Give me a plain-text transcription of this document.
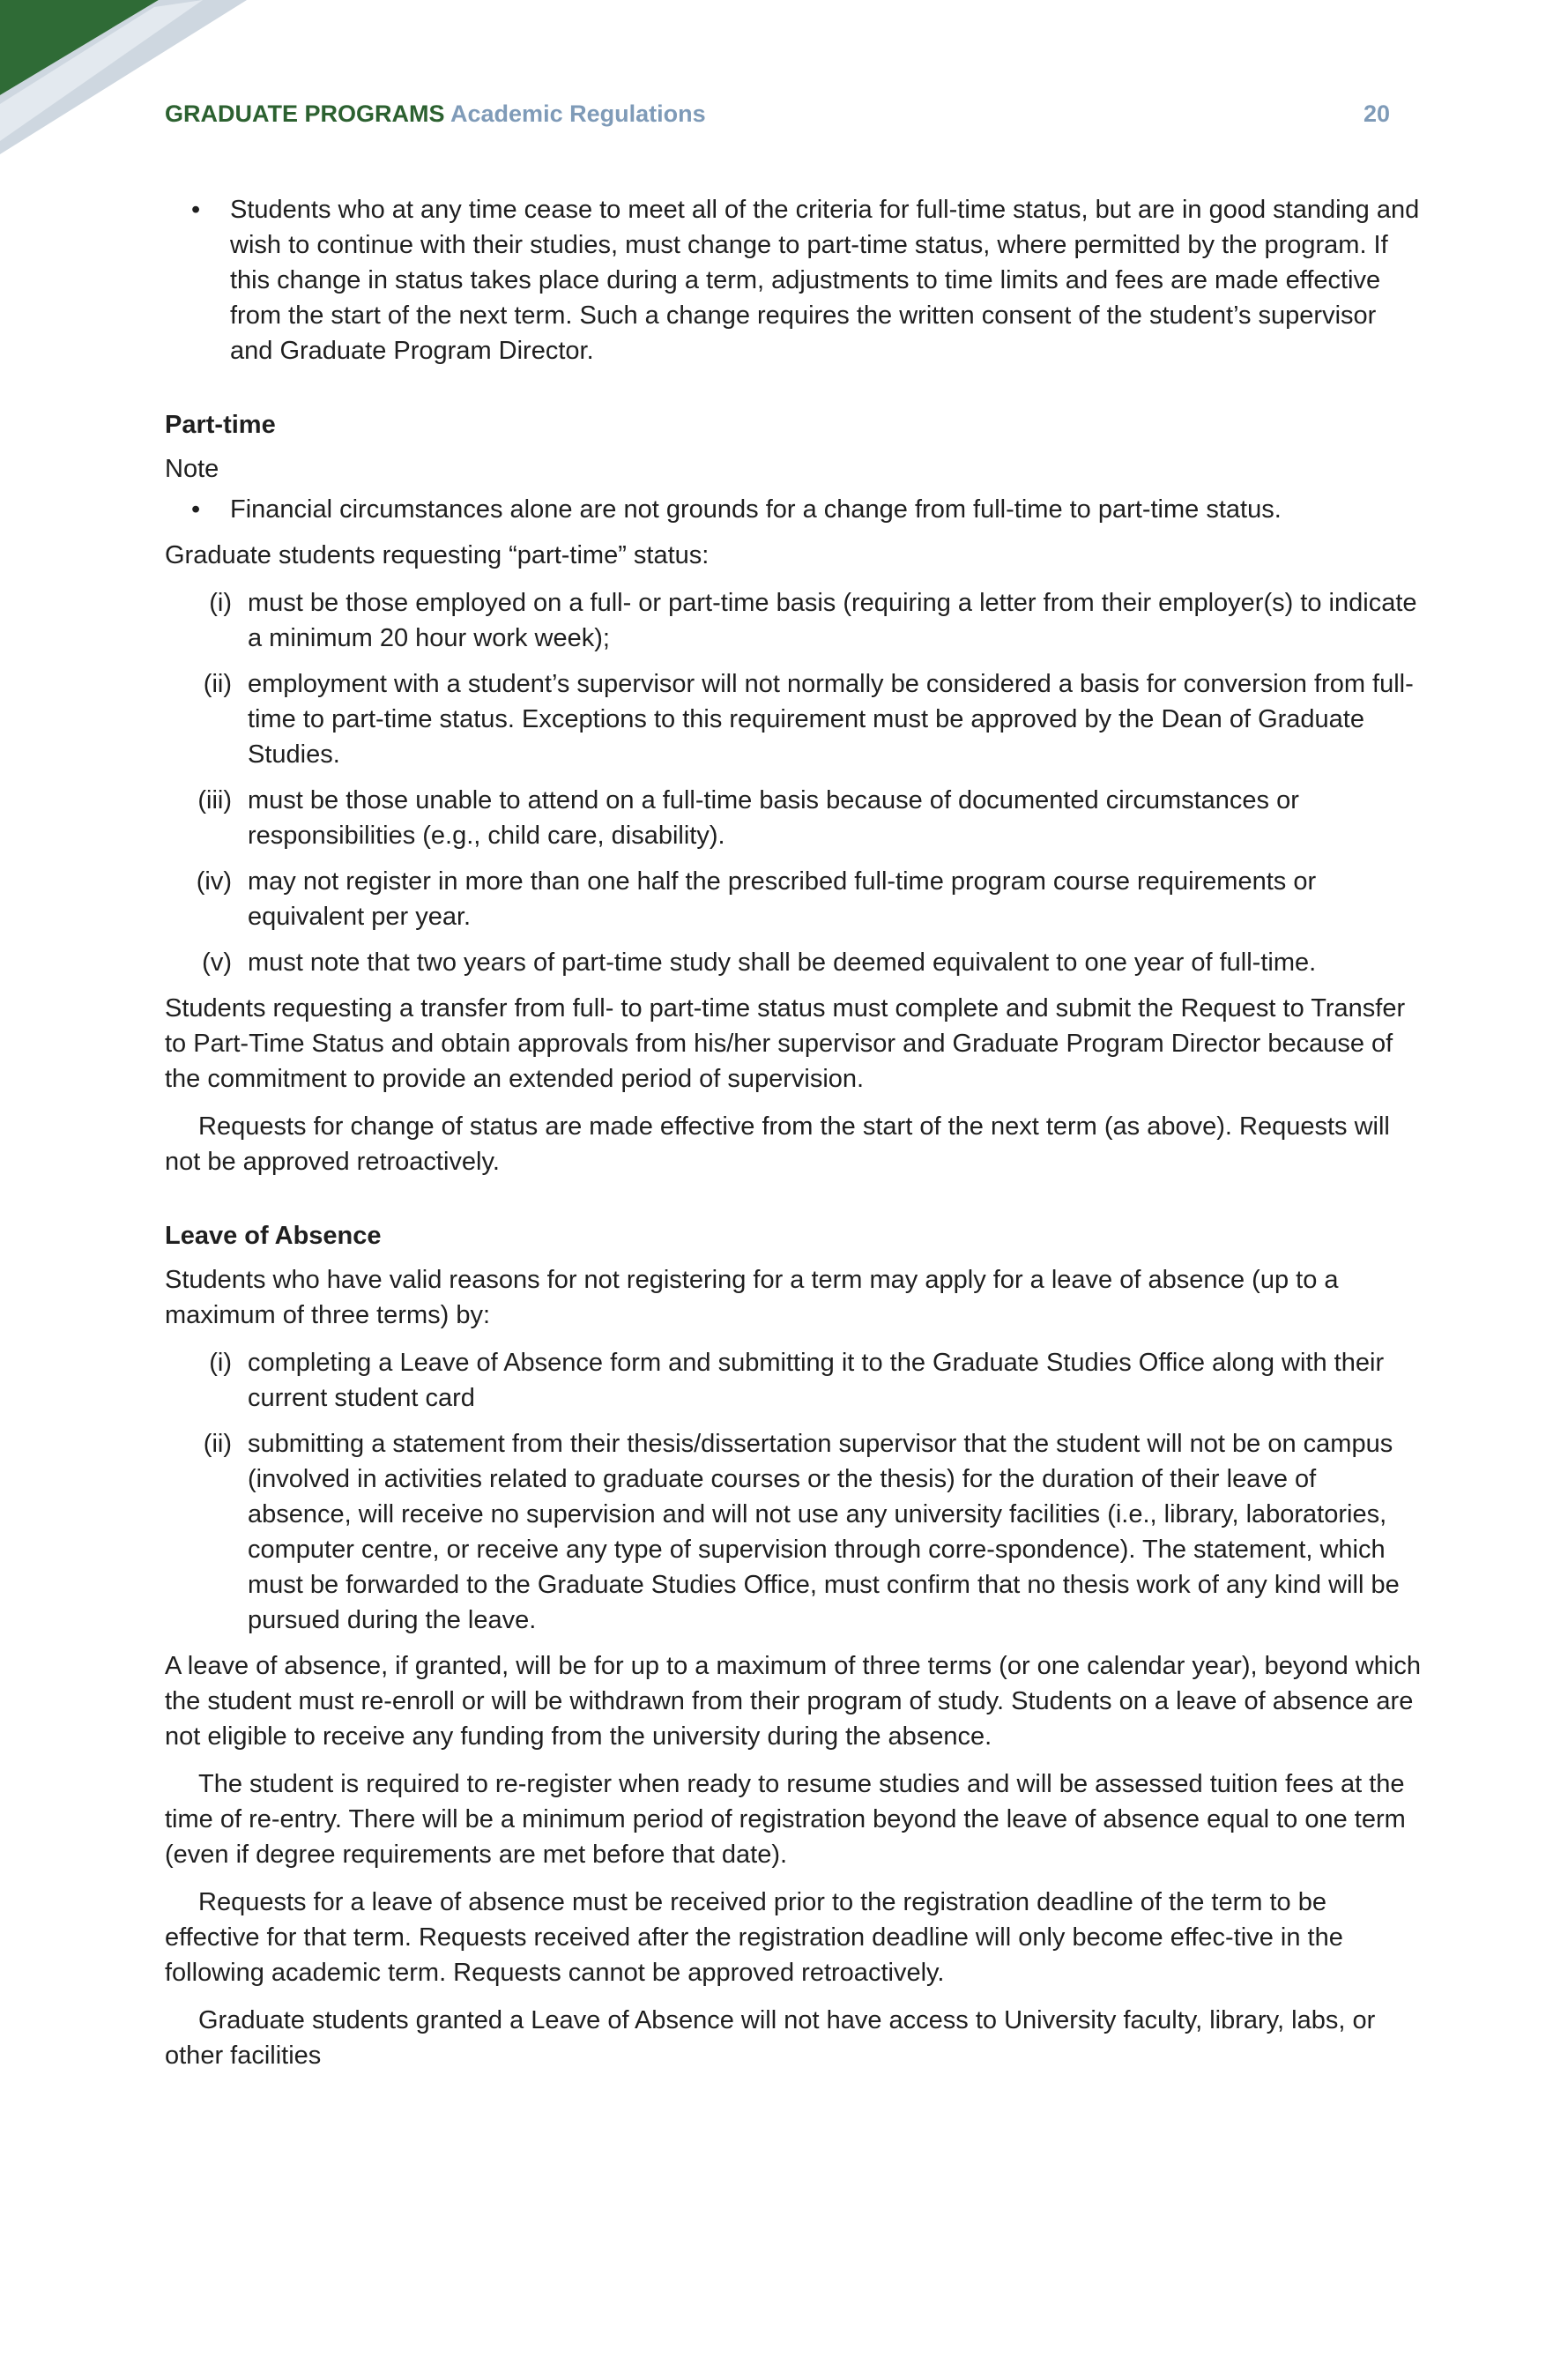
GRADUATE PROGRAMS Academic Regulations	20
• Students who at any time cease to meet all of the criteria for full-time status, but are in good standing and wish to continue with their studies, must change to part-time status, where permitted by the program. If this change in status takes place during a term, adjustments to time limits and fees are made effective from the start of the next term. Such a change requires the written consent of the student’s supervisor and Graduate Program Director.
Part-time
Note
• Financial circumstances alone are not grounds for a change from full-time to part-time status.
Graduate students requesting “part-time” status:
(i) must be those employed on a full- or part-time basis (requiring a letter from their employer(s) to indicate a minimum 20 hour work week);
(ii) employment with a student’s supervisor will not normally be considered a basis for conversion from full-time to part-time status. Exceptions to this requirement must be approved by the Dean of Graduate Studies.
(iii) must be those unable to attend on a full-time basis because of documented circumstances or responsibilities (e.g., child care, disability).
(iv) may not register in more than one half the prescribed full-time program course requirements or equivalent per year.
(v) must note that two years of part-time study shall be deemed equivalent to one year of full-time.
Students requesting a transfer from full- to part-time status must complete and submit the Request to Transfer to Part-Time Status and obtain approvals from his/her supervisor and Graduate Program Director because of the commitment to provide an extended period of supervision.
Requests for change of status are made effective from the start of the next term (as above). Requests will not be approved retroactively.
Leave of Absence
Students who have valid reasons for not registering for a term may apply for a leave of absence (up to a maximum of three terms) by:
(i) completing a Leave of Absence form and submitting it to the Graduate Studies Office along with their current student card
(ii) submitting a statement from their thesis/dissertation supervisor that the student will not be on campus (involved in activities related to graduate courses or the thesis) for the duration of their leave of absence, will receive no supervision and will not use any university facilities (i.e., library, laboratories, computer centre, or receive any type of supervision through corre-spondence). The statement, which must be forwarded to the Graduate Studies Office, must confirm that no thesis work of any kind will be pursued during the leave.
A leave of absence, if granted, will be for up to a maximum of three terms (or one calendar year), beyond which the student must re-enroll or will be withdrawn from their program of study. Students on a leave of absence are not eligible to receive any funding from the university during the absence.
The student is required to re-register when ready to resume studies and will be assessed tuition fees at the time of re-entry. There will be a minimum period of registration beyond the leave of absence equal to one term (even if degree requirements are met before that date).
Requests for a leave of absence must be received prior to the registration deadline of the term to be effective for that term. Requests received after the registration deadline will only become effec-tive in the following academic term. Requests cannot be approved retroactively.
Graduate students granted a Leave of Absence will not have access to University faculty, library, labs, or other facilities
